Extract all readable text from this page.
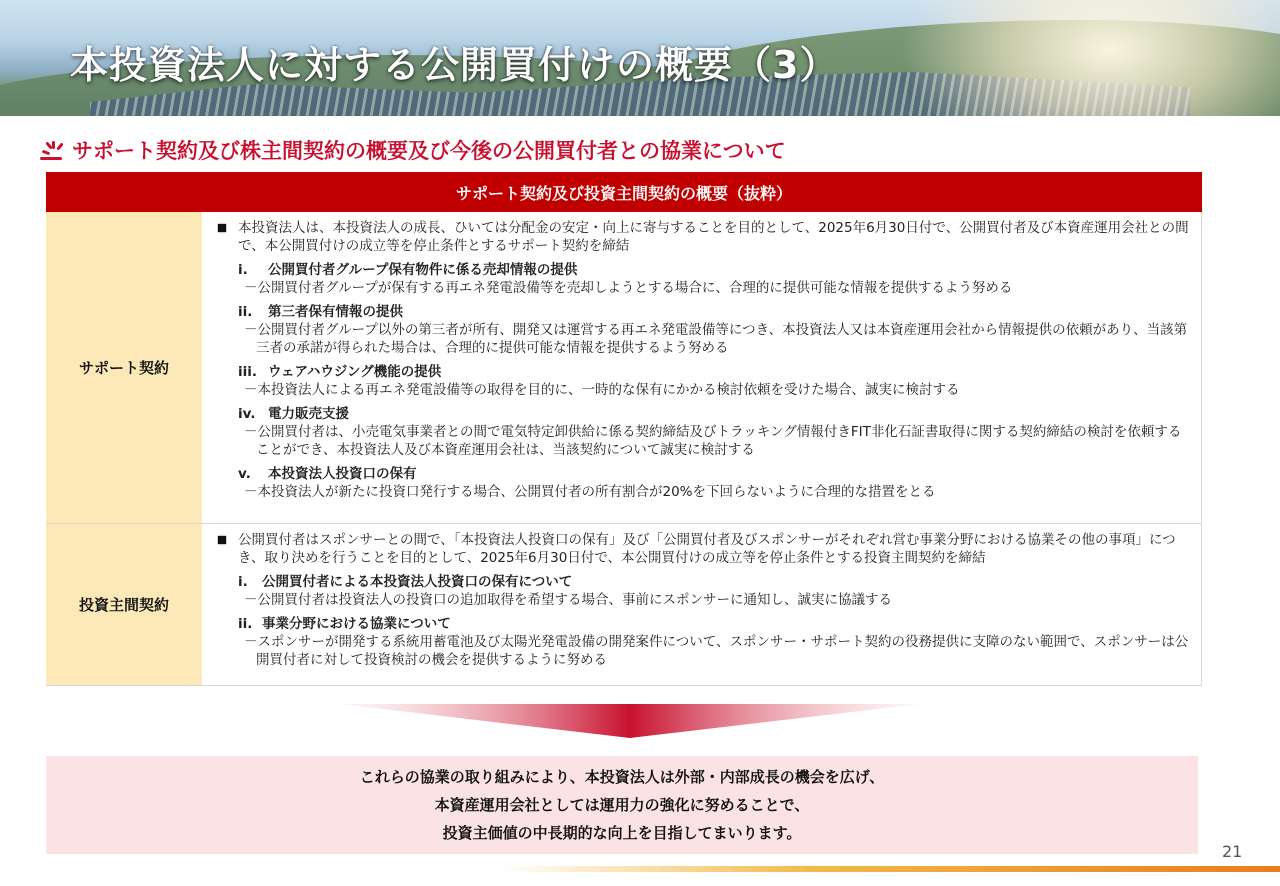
本投資法人に対する公開買付けの概要（3）
サポート契約及び株主間契約の概要及び今後の公開買付者との協業について
サポート契約及び投資主間契約の概要（抜粋）
サポート契約
本投資法人は、本投資法人の成長、ひいては分配金の安定・向上に寄与することを目的として、2025年6月30日付で、公開買付者及び本資産運用会社との間で、本公開買付けの成立等を停止条件とするサポート契約を締結
i.	公開買付者グループ保有物件に係る売却情報の提供
－公開買付者グループが保有する再エネ発電設備等を売却しようとする場合に、合理的に提供可能な情報を提供するよう努める
ii.	第三者保有情報の提供
－公開買付者グループ以外の第三者が所有、開発又は運営する再エネ発電設備等につき、本投資法人又は本資産運用会社から情報提供の依頼があり、当該第三者の承諾が得られた場合は、合理的に提供可能な情報を提供するよう努める
iii. ウェアハウジング機能の提供
－本投資法人による再エネ発電設備等の取得を目的に、一時的な保有にかかる検討依頼を受けた場合、誠実に検討する
iv. 電力販売支援
－公開買付者は、小売電気事業者との間で電気特定卸供給に係る契約締結及びトラッキング情報付きFIT非化石証書取得に関する契約締結の検討を依頼することができ、本投資法人及び本資産運用会社は、当該契約について誠実に検討する
v.	本投資法人投資口の保有
－本投資法人が新たに投資口発行する場合、公開買付者の所有割合が20%を下回らないように合理的な措置をとる
投資主間契約
公開買付者はスポンサーとの間で、「本投資法人投資口の保有」及び「公開買付者及びスポンサーがそれぞれ営む事業分野における協業その他の事項」につき、取り決めを行うことを目的として、2025年6月30日付で、本公開買付けの成立等を停止条件とする投資主間契約を締結
i.	公開買付者による本投資法人投資口の保有について
－公開買付者は投資法人の投資口の追加取得を希望する場合、事前にスポンサーに通知し、誠実に協議する
ii. 事業分野における協業について
－スポンサーが開発する系統用蓄電池及び太陽光発電設備の開発案件について、スポンサー・サポート契約の役務提供に支障のない範囲で、スポンサーは公開買付者に対して投資検討の機会を提供するように努める
これらの協業の取り組みにより、本投資法人は外部・内部成長の機会を広げ、
本資産運用会社としては運用力の強化に努めることで、
投資主価値の中長期的な向上を目指してまいります。
21
